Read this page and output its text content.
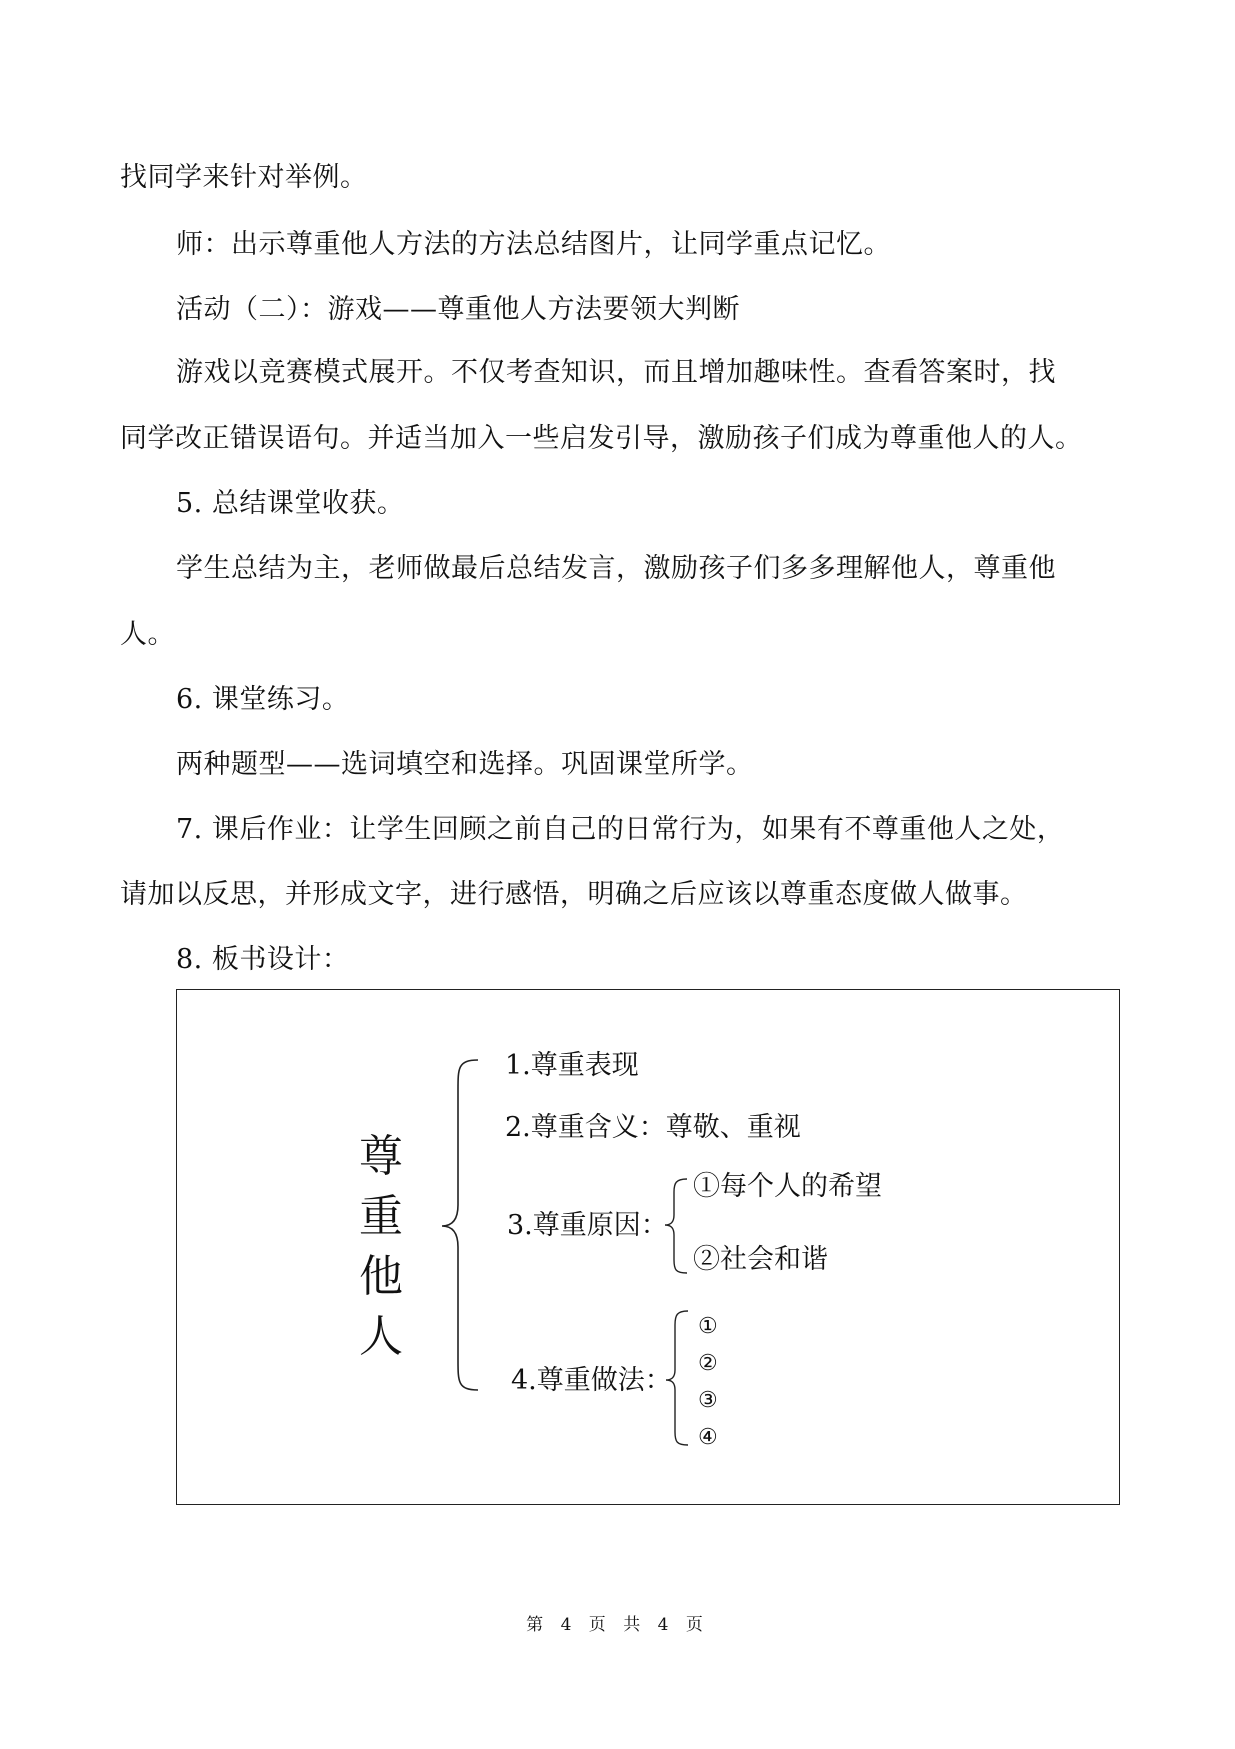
找同学来针对举例。
师：出示尊重他人方法的方法总结图片，让同学重点记忆。
活动（二）：游戏——尊重他人方法要领大判断
游戏以竞赛模式展开。不仅考查知识，而且增加趣味性。查看答案时，找
同学改正错误语句。并适当加入一些启发引导，激励孩子们成为尊重他人的人。
5. 总结课堂收获。
学生总结为主，老师做最后总结发言，激励孩子们多多理解他人，尊重他
人。
6. 课堂练习。
两种题型——选词填空和选择。巩固课堂所学。
7. 课后作业：让学生回顾之前自己的日常行为，如果有不尊重他人之处，
请加以反思，并形成文字，进行感悟，明确之后应该以尊重态度做人做事。
8. 板书设计：
尊
重
他
人
1.尊重表现
2.尊重含义：尊敬、重视
3.尊重原因：
①每个人的希望
②社会和谐
4.尊重做法：
①
②
③
④
第 4 页 共 4 页
